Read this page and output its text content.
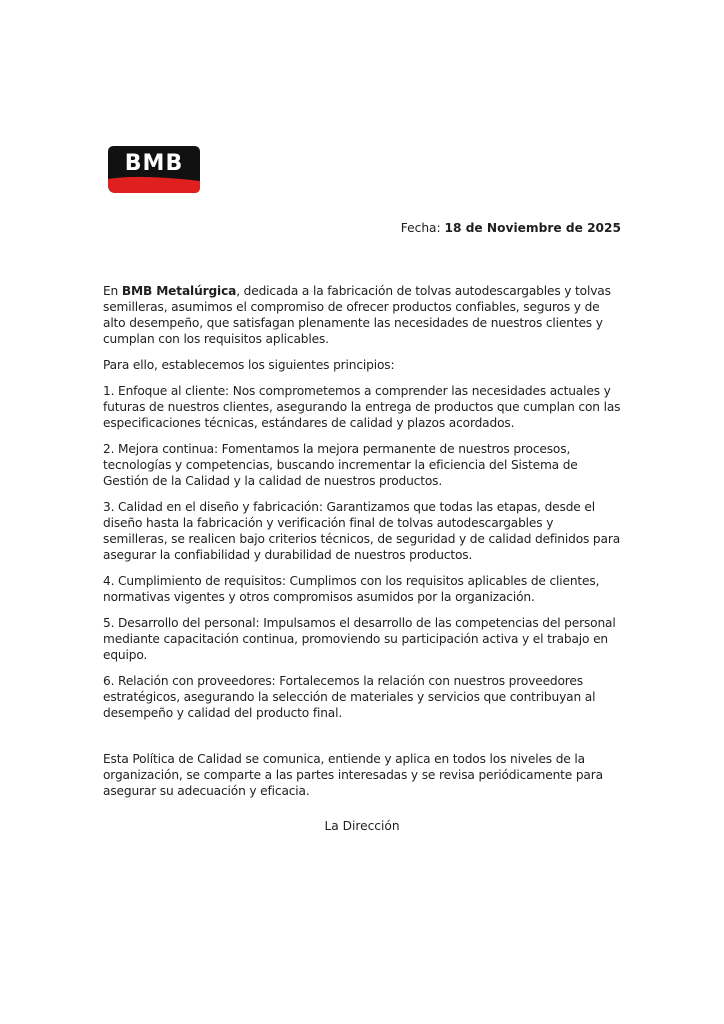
BMB
Fecha: 18 de Noviembre de 2025

En BMB Metalúrgica, dedicada a la fabricación de tolvas autodescargables y tolvas semilleras, asumimos el compromiso de ofrecer productos confiables, seguros y de alto desempeño, que satisfagan plenamente las necesidades de nuestros clientes y cumplan con los requisitos aplicables.

Para ello, establecemos los siguientes principios:

1. Enfoque al cliente: Nos comprometemos a comprender las necesidades actuales y futuras de nuestros clientes, asegurando la entrega de productos que cumplan con las especificaciones técnicas, estándares de calidad y plazos acordados.

2. Mejora continua: Fomentamos la mejora permanente de nuestros procesos, tecnologías y competencias, buscando incrementar la eficiencia del Sistema de Gestión de la Calidad y la calidad de nuestros productos.

3. Calidad en el diseño y fabricación: Garantizamos que todas las etapas, desde el diseño hasta la fabricación y verificación final de tolvas autodescargables y semilleras, se realicen bajo criterios técnicos, de seguridad y de calidad definidos para asegurar la confiabilidad y durabilidad de nuestros productos.

4. Cumplimiento de requisitos: Cumplimos con los requisitos aplicables de clientes, normativas vigentes y otros compromisos asumidos por la organización.

5. Desarrollo del personal: Impulsamos el desarrollo de las competencias del personal mediante capacitación continua, promoviendo su participación activa y el trabajo en equipo.

6. Relación con proveedores: Fortalecemos la relación con nuestros proveedores estratégicos, asegurando la selección de materiales y servicios que contribuyan al desempeño y calidad del producto final.

Esta Política de Calidad se comunica, entiende y aplica en todos los niveles de la organización, se comparte a las partes interesadas y se revisa periódicamente para asegurar su adecuación y eficacia.

La Dirección
